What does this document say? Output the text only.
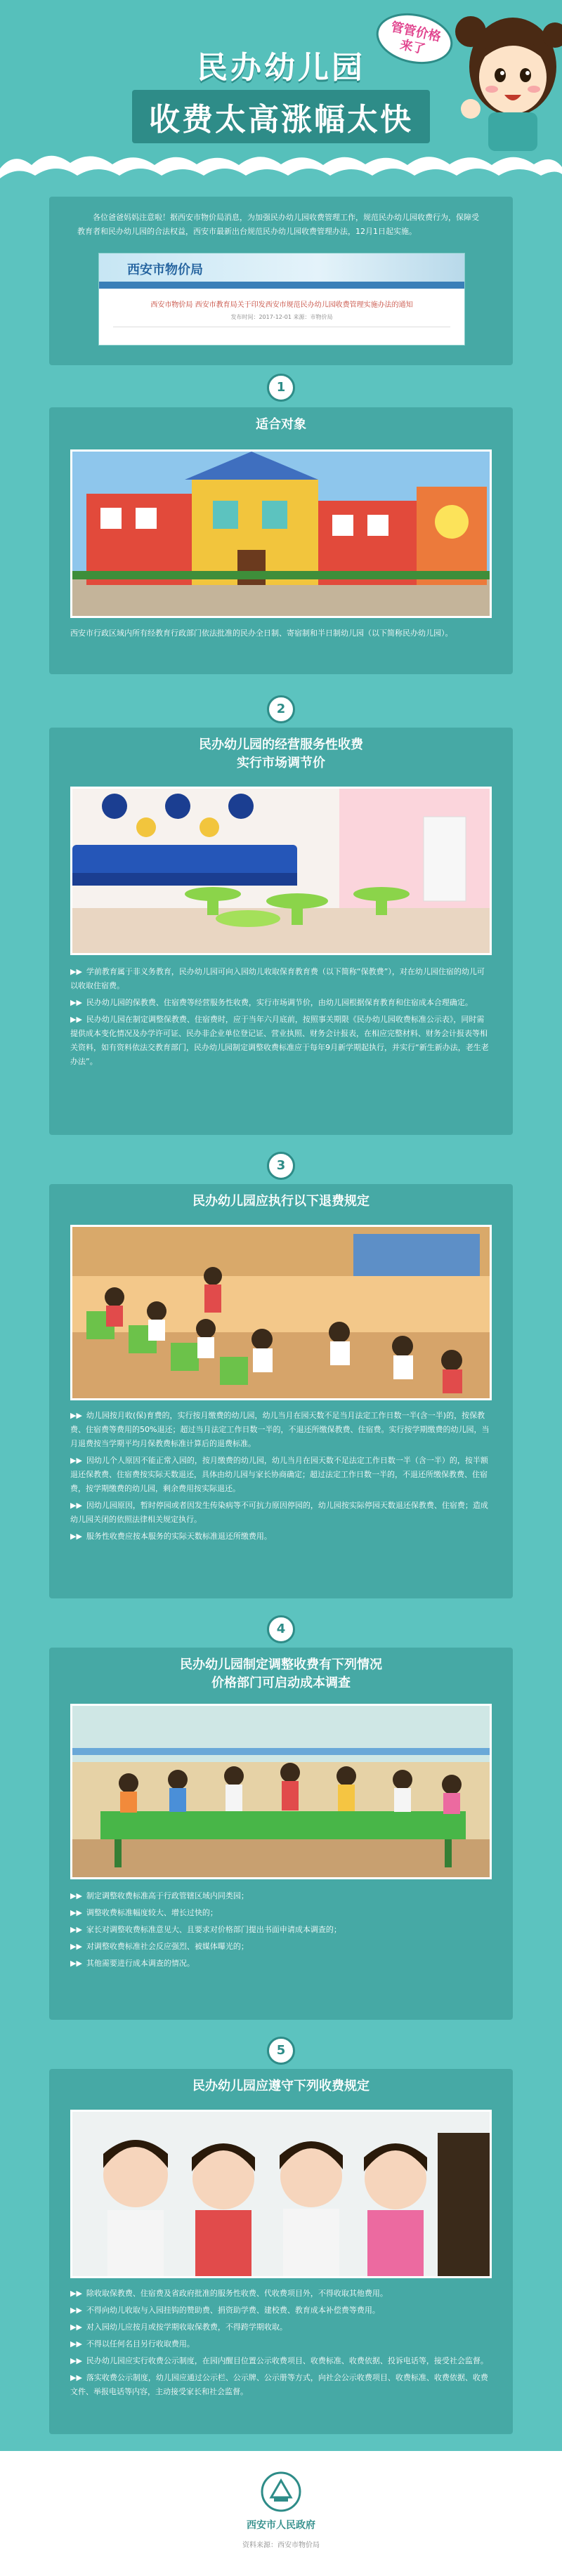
民办幼儿园
收费太高涨幅太快
管管价格
来了

各位爸爸妈妈注意啦！据西安市物价局消息，为加强民办幼儿园收费管理工作，规范民办幼儿园收费行为，保障受教育者和民办幼儿园的合法权益，西安市最新出台规范民办幼儿园收费管理办法，12月1日起实施。

西安市物价局
西安市物价局 西安市教育局关于印发西安市规范民办幼儿园收费管理实施办法的通知
发布时间：2017-12-01 来源：市物价局
1
适合对象

西安市行政区域内所有经教育行政部门依法批准的民办全日制、寄宿制和半日制幼儿园（以下简称民办幼儿园）。

2
民办幼儿园的经营服务性收费
实行市场调节价

▶▶ 学前教育属于非义务教育，民办幼儿园可向入园幼儿收取保育教育费（以下简称“保教费”），对在幼儿园住宿的幼儿可以收取住宿费。

▶▶ 民办幼儿园的保教费、住宿费等经营服务性收费，实行市场调节价，由幼儿园根据保育教育和住宿成本合理确定。

▶▶ 民办幼儿园在制定调整保教费、住宿费时，应于当年六月底前，按照事关期限《民办幼儿园收费标准公示表》，同时需提供成本变化情况及办学许可证、民办非企业单位登记证、营业执照、财务会计报表，在相应完整材料、财务会计报表等相关资料，如有资料依法交教育部门，民办幼儿园制定调整收费标准应于每年9月新学期起执行，并实行“新生新办法，老生老办法”。

3
民办幼儿园应执行以下退费规定

▶▶ 幼儿园按月收(保)育费的，实行按月缴费的幼儿园，幼儿当月在园天数不足当月法定工作日数一半(含一半)的，按保教费、住宿费等费用的50%退还；超过当月法定工作日数一半的，不退还所缴保教费、住宿费。实行按学期缴费的幼儿园，当月退费按当学期平均月保教费标准计算后的退费标准。

▶▶ 因幼儿个人原因不能正常入园的，按月缴费的幼儿园，幼儿当月在园天数不足法定工作日数一半（含一半）的，按半额退还保教费、住宿费按实际天数退还，具体由幼儿园与家长协商确定；超过法定工作日数一半的，不退还所缴保教费、住宿费，按学期缴费的幼儿园，剩余费用按实际退还。

▶▶ 因幼儿园原因，暂时停园或者因发生传染病等不可抗力原因停园的，幼儿园按实际停园天数退还保教费、住宿费；造成幼儿园关闭的依照法律相关规定执行。

▶▶ 服务性收费应按本服务的实际天数标准退还所缴费用。

4
民办幼儿园制定调整收费有下列情况
价格部门可启动成本调查

▶▶ 制定调整收费标准高于行政管辖区域内同类园；

▶▶ 调整收费标准幅度较大、增长过快的；

▶▶ 家长对调整收费标准意见大、且要求对价格部门提出书面申请成本调查的；

▶▶ 对调整收费标准社会反应强烈、被媒体曝光的；

▶▶ 其他需要进行成本调查的情况。

5
民办幼儿园应遵守下列收费规定

▶▶ 除收取保教费、住宿费及省政府批准的服务性收费、代收费项目外，不得收取其他费用。

▶▶ 不得向幼儿收取与入园挂钩的赞助费、捐资助学费、建校费、教育成本补偿费等费用。

▶▶ 对入园幼儿应按月或按学期收取保教费，不得跨学期收取。

▶▶ 不得以任何名目另行收取费用。

▶▶ 民办幼儿园应实行收费公示制度，在园内醒目位置公示收费项目、收费标准、收费依据、投诉电话等，接受社会监督。

▶▶ 落实收费公示制度，幼儿园应通过公示栏、公示牌、公示册等方式，向社会公示收费项目、收费标准、收费依据、收费文件、举报电话等内容，主动接受家长和社会监督。

西安市人民政府
资料来源：西安市物价局
